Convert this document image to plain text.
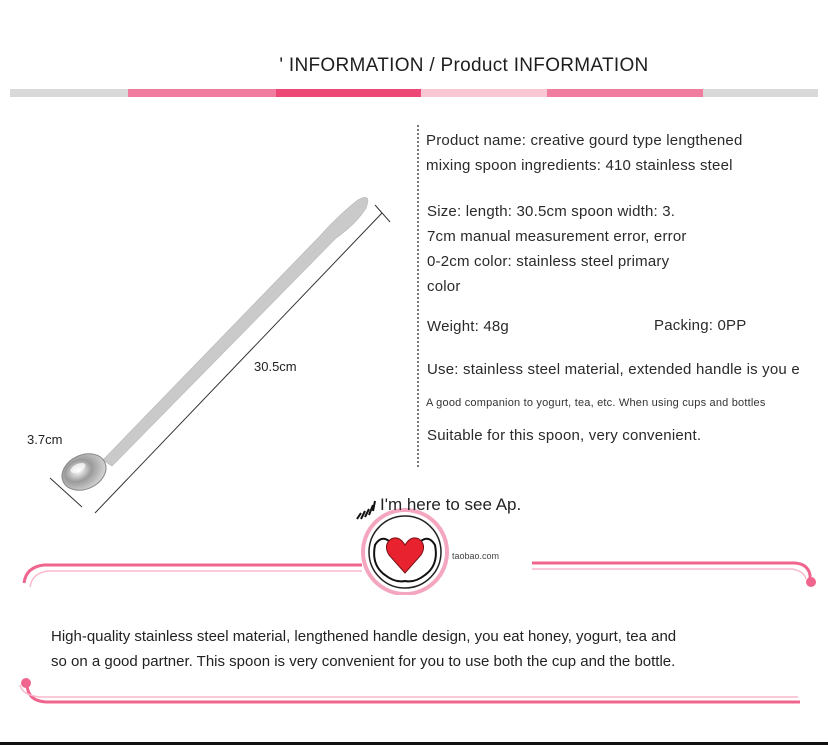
' INFORMATION / Product INFORMATION
30.5cm
3.7cm
Product name: creative gourd type lengthened
mixing spoon ingredients: 410 stainless steel
Size: length: 30.5cm spoon width: 3.
7cm manual measurement error, error
0-2cm color: stainless steel primary
color
Weight: 48g	Packing: 0PP
Use: stainless steel material, extended handle is you e
A good companion to yogurt, tea, etc. When using cups and bottles
Suitable for this spoon, very convenient.
I'm here to see Ap.
taobao.com
High-quality stainless steel material, lengthened handle design, you eat honey, yogurt, tea and
so on a good partner. This spoon is very convenient for you to use both the cup and the bottle.
